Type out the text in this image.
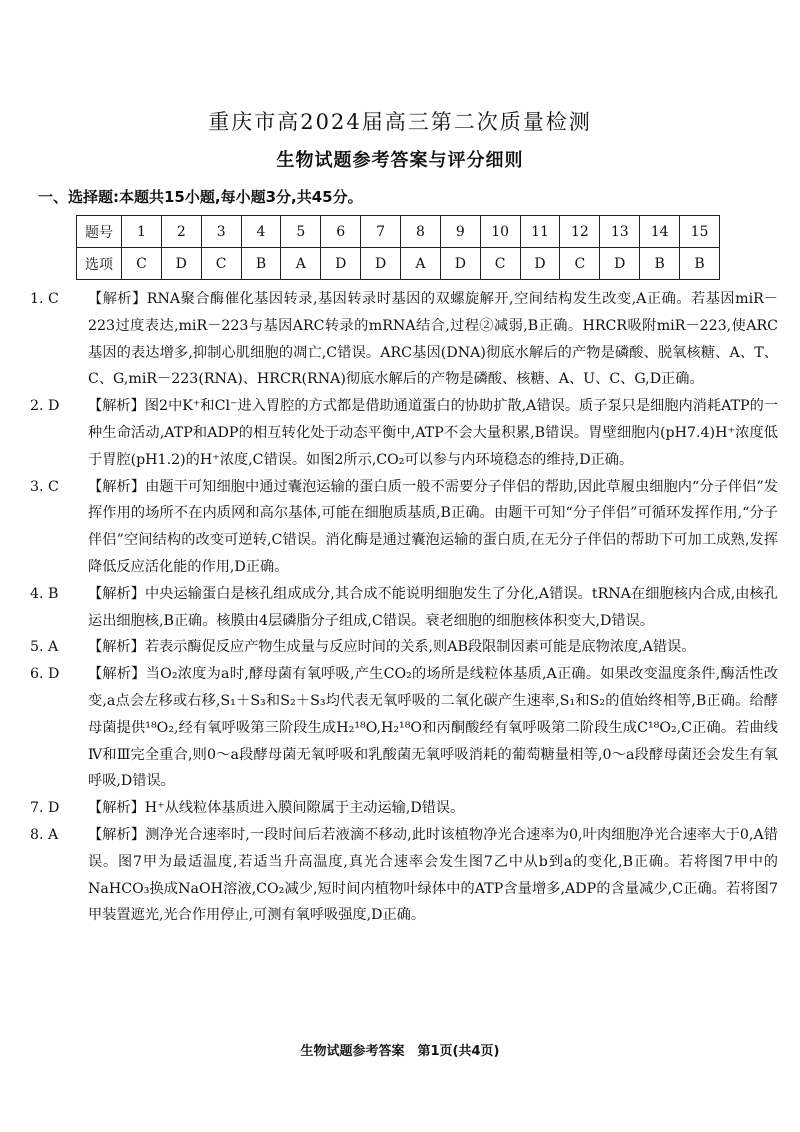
重庆市高2024届高三第二次质量检测
生物试题参考答案与评分细则
一、选择题:本题共15小题,每小题3分,共45分。
题号	1	2	3	4	5	6	7	8	9	10	11	12	13	14	15
选项	C	D	C	B	A	D	D	A	D	C	D	C	D	B	B
1. C	【解析】RNA聚合酶催化基因转录,基因转录时基因的双螺旋解开,空间结构发生改变,A正确。若基因miR－223过度表达,miR－223与基因ARC转录的mRNA结合,过程②减弱,B正确。HRCR吸附miR－223,使ARC基因的表达增多,抑制心肌细胞的凋亡,C错误。ARC基因(DNA)彻底水解后的产物是磷酸、脱氧核糖、A、T、C、G,miR－223(RNA)、HRCR(RNA)彻底水解后的产物是磷酸、核糖、A、U、C、G,D正确。
2. D	【解析】图2中K⁺和Cl⁻进入胃腔的方式都是借助通道蛋白的协助扩散,A错误。质子泵只是细胞内消耗ATP的一种生命活动,ATP和ADP的相互转化处于动态平衡中,ATP不会大量积累,B错误。胃壁细胞内(pH7.4)H⁺浓度低于胃腔(pH1.2)的H⁺浓度,C错误。如图2所示,CO₂可以参与内环境稳态的维持,D正确。
3. C	【解析】由题干可知细胞中通过囊泡运输的蛋白质一般不需要分子伴侣的帮助,因此草履虫细胞内“分子伴侣”发挥作用的场所不在内质网和高尔基体,可能在细胞质基质,B正确。由题干可知“分子伴侣”可循环发挥作用,“分子伴侣”空间结构的改变可逆转,C错误。消化酶是通过囊泡运输的蛋白质,在无分子伴侣的帮助下可加工成熟,发挥降低反应活化能的作用,D正确。
4. B	【解析】中央运输蛋白是核孔组成成分,其合成不能说明细胞发生了分化,A错误。tRNA在细胞核内合成,由核孔运出细胞核,B正确。核膜由4层磷脂分子组成,C错误。衰老细胞的细胞核体积变大,D错误。
5. A	【解析】若表示酶促反应产物生成量与反应时间的关系,则AB段限制因素可能是底物浓度,A错误。
6. D	【解析】当O₂浓度为a时,酵母菌有氧呼吸,产生CO₂的场所是线粒体基质,A正确。如果改变温度条件,酶活性改变,a点会左移或右移,S₁＋S₃和S₂＋S₃均代表无氧呼吸的二氧化碳产生速率,S₁和S₂的值始终相等,B正确。给酵母菌提供¹⁸O₂,经有氧呼吸第三阶段生成H₂¹⁸O,H₂¹⁸O和丙酮酸经有氧呼吸第二阶段生成C¹⁸O₂,C正确。若曲线Ⅳ和Ⅲ完全重合,则0～a段酵母菌无氧呼吸和乳酸菌无氧呼吸消耗的葡萄糖量相等,0～a段酵母菌还会发生有氧呼吸,D错误。
7. D	【解析】H⁺从线粒体基质进入膜间隙属于主动运输,D错误。
8. A	【解析】测净光合速率时,一段时间后若液滴不移动,此时该植物净光合速率为0,叶肉细胞净光合速率大于0,A错误。图7甲为最适温度,若适当升高温度,真光合速率会发生图7乙中从b到a的变化,B正确。若将图7甲中的NaHCO₃换成NaOH溶液,CO₂减少,短时间内植物叶绿体中的ATP含量增多,ADP的含量减少,C正确。若将图7甲装置遮光,光合作用停止,可测有氧呼吸强度,D正确。
生物试题参考答案　第1页(共4页)
